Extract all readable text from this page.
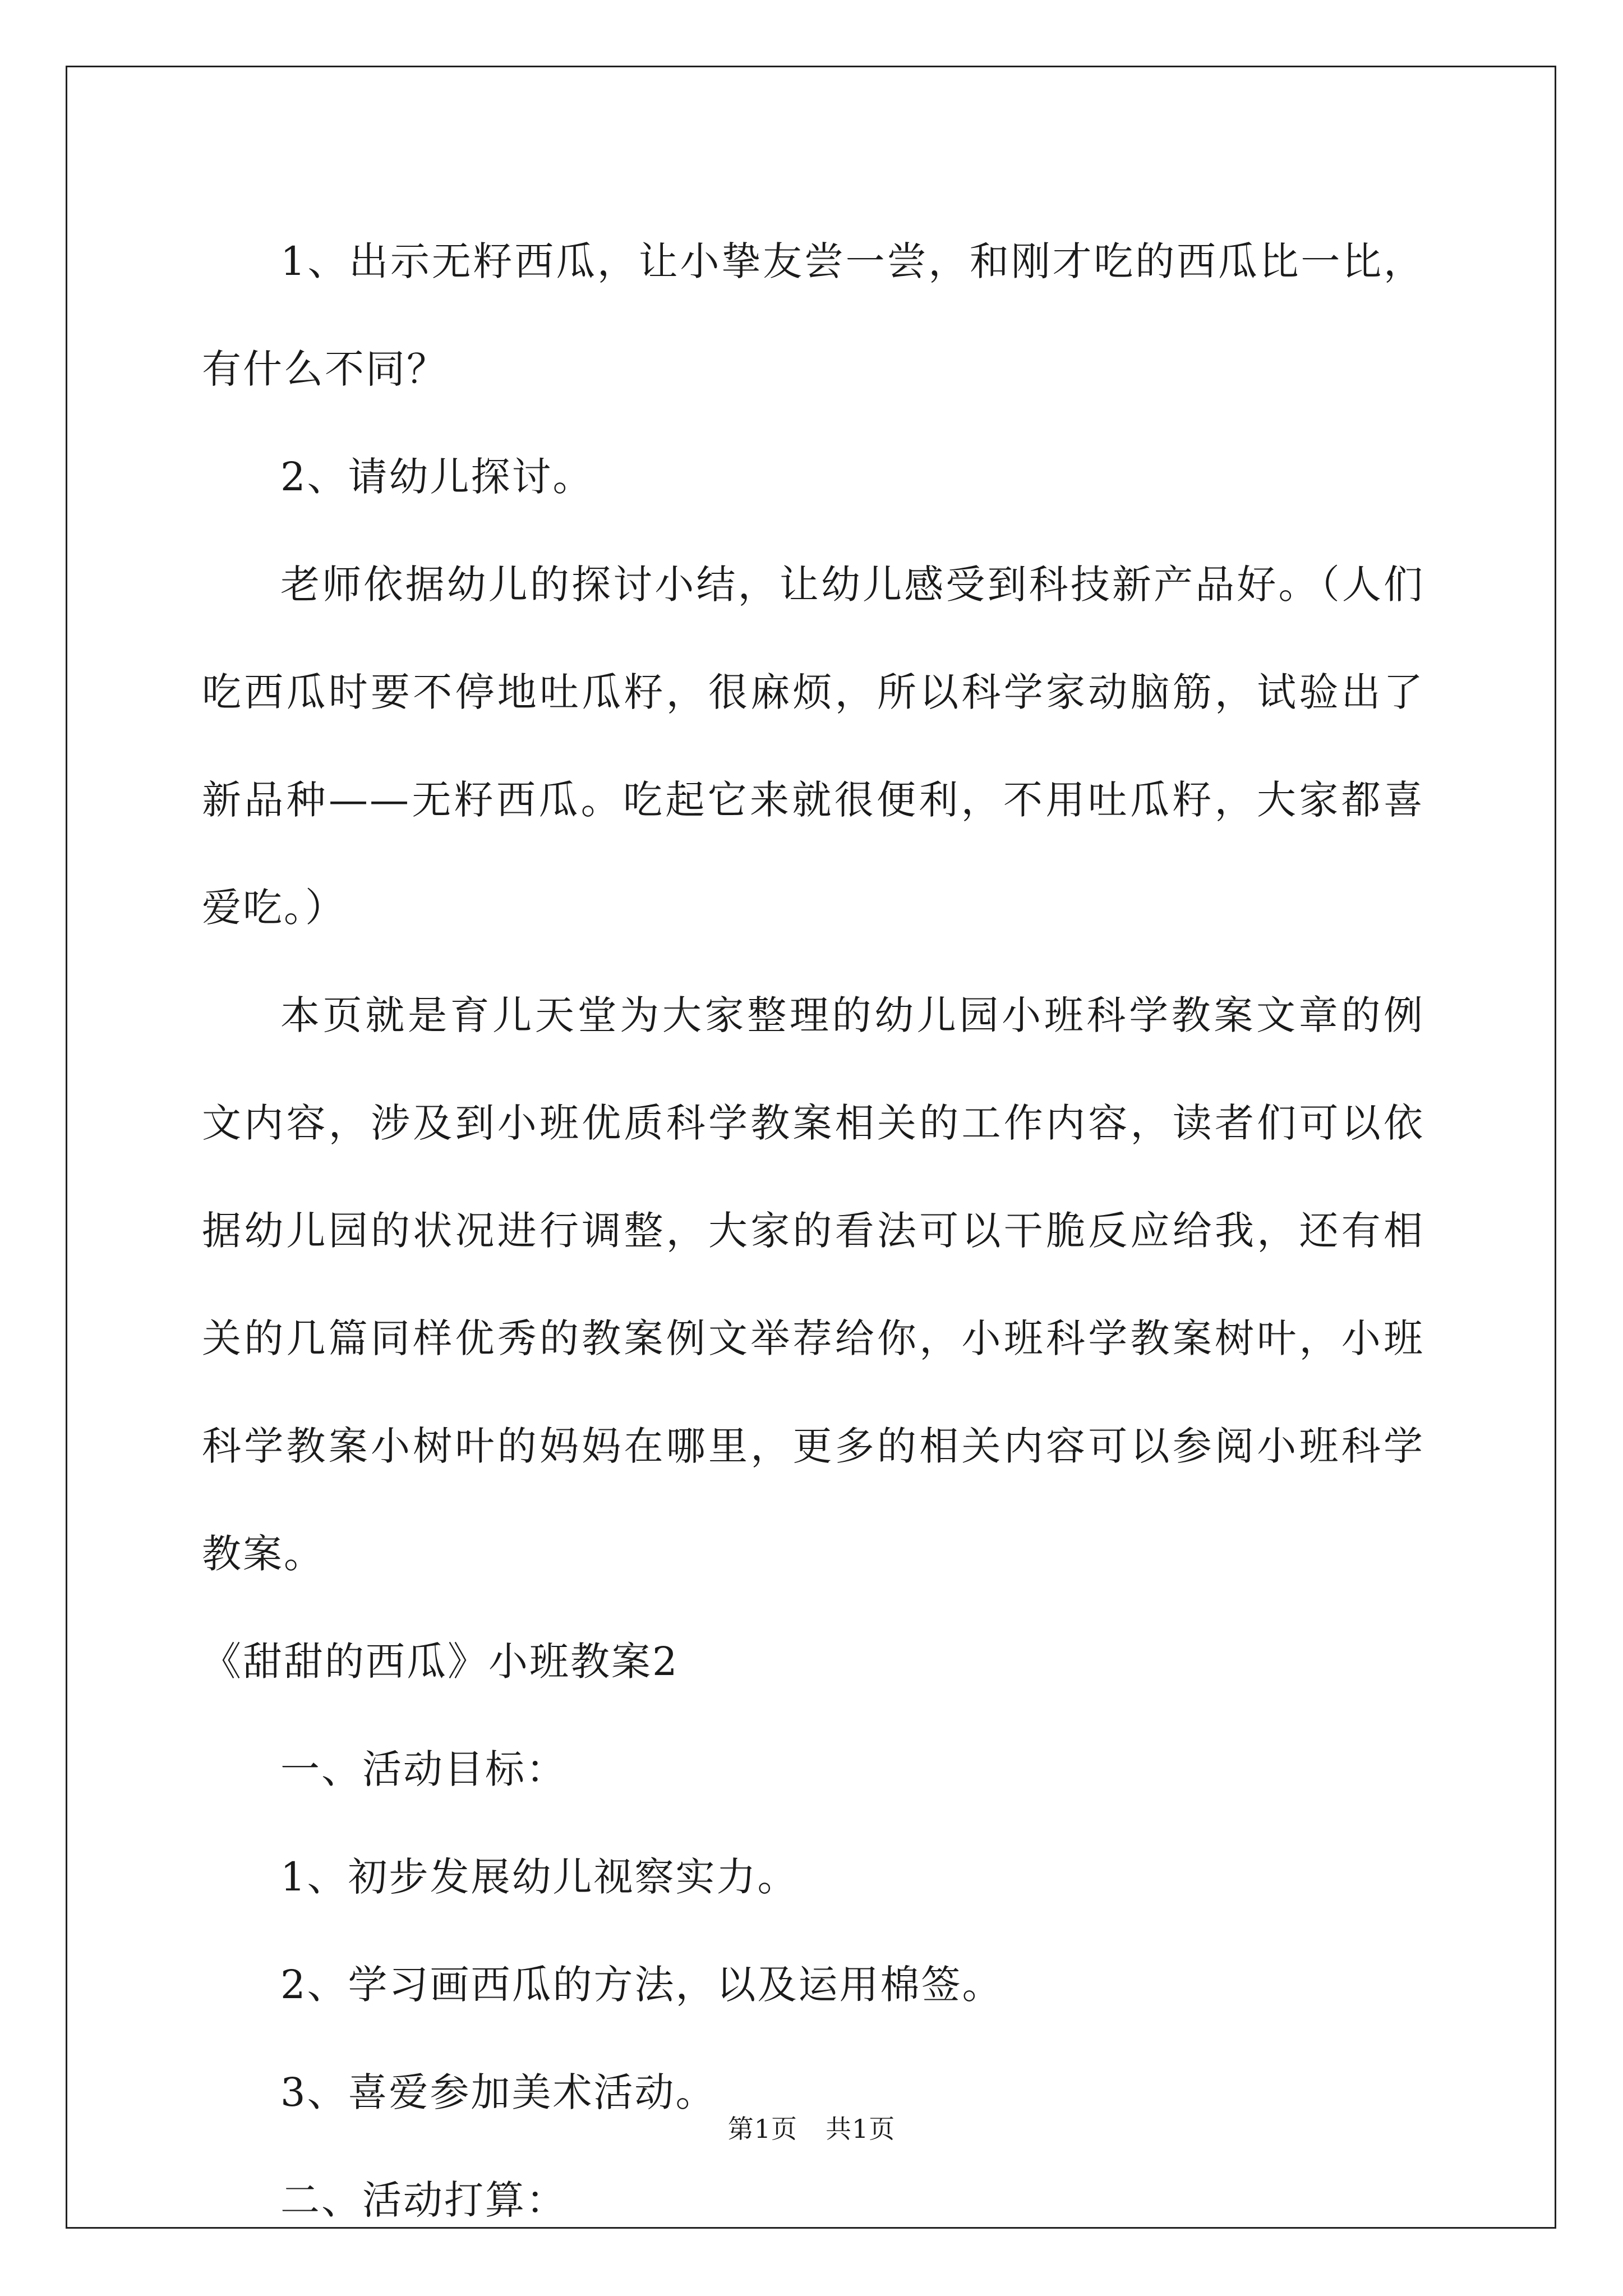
1、出示无籽西瓜，让小挚友尝一尝，和刚才吃的西瓜比一比，有什么不同？

2、请幼儿探讨。

老师依据幼儿的探讨小结，让幼儿感受到科技新产品好。（人们吃西瓜时要不停地吐瓜籽，很麻烦，所以科学家动脑筋，试验出了新品种——无籽西瓜。吃起它来就很便利，不用吐瓜籽，大家都喜爱吃。）

本页就是育儿天堂为大家整理的幼儿园小班科学教案文章的例文内容，涉及到小班优质科学教案相关的工作内容，读者们可以依据幼儿园的状况进行调整，大家的看法可以干脆反应给我，还有相关的几篇同样优秀的教案例文举荐给你，小班科学教案树叶，小班科学教案小树叶的妈妈在哪里，更多的相关内容可以参阅小班科学教案。

《甜甜的西瓜》小班教案2

一、活动目标：

1、初步发展幼儿视察实力。

2、学习画西瓜的方法，以及运用棉签。

3、喜爱参加美术活动。

二、活动打算：

第1页 共1页
